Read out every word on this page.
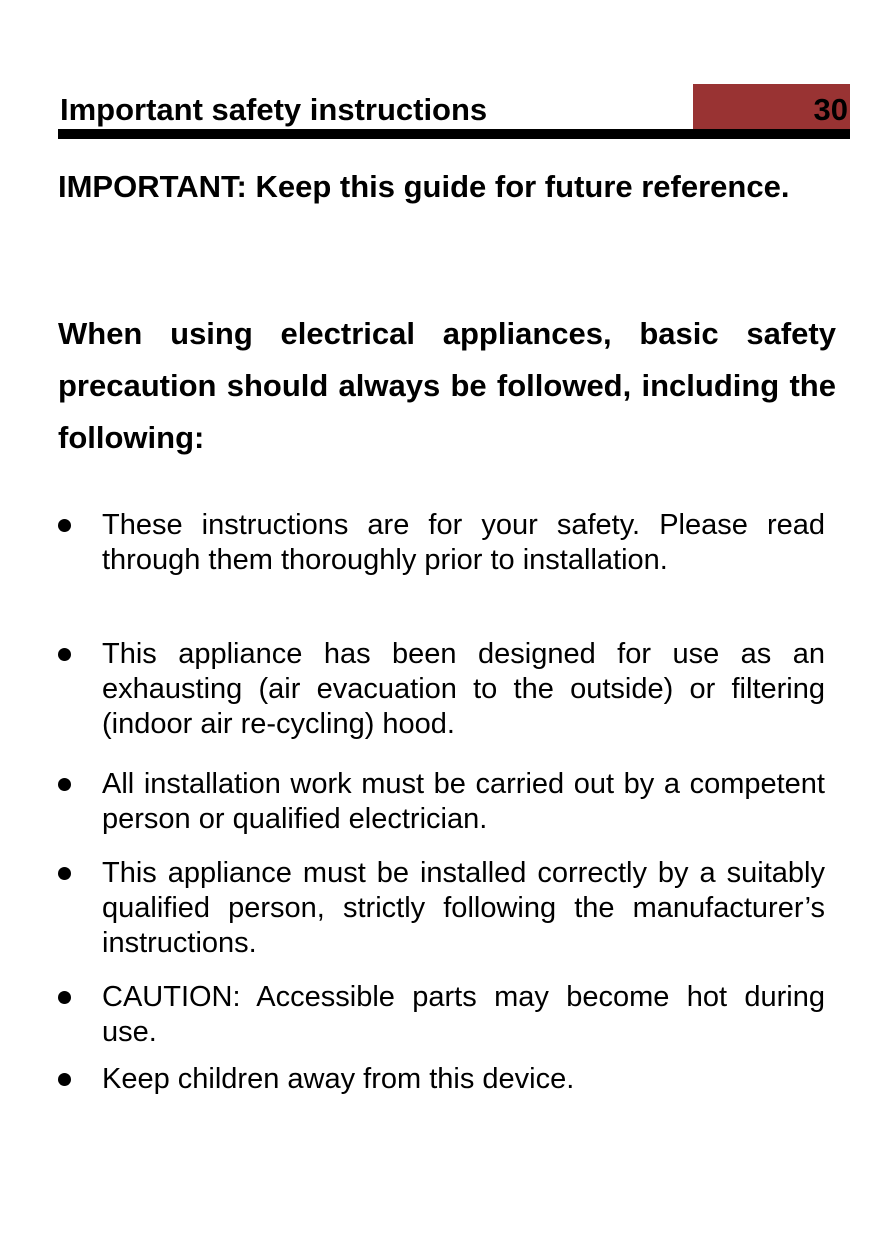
Important safety instructions	30

IMPORTANT: Keep this guide for future reference.

When using electrical appliances, basic safety precaution should always be followed, including the following:

These instructions are for your safety. Please read through them thoroughly prior to installation.

This appliance has been designed for use as an exhausting (air evacuation to the outside) or filtering (indoor air re-cycling) hood.

All installation work must be carried out by a competent person or qualified electrician.

This appliance must be installed correctly by a suitably qualified person, strictly following the manufacturer’s instructions.

CAUTION: Accessible parts may become hot during use.

Keep children away from this device.
